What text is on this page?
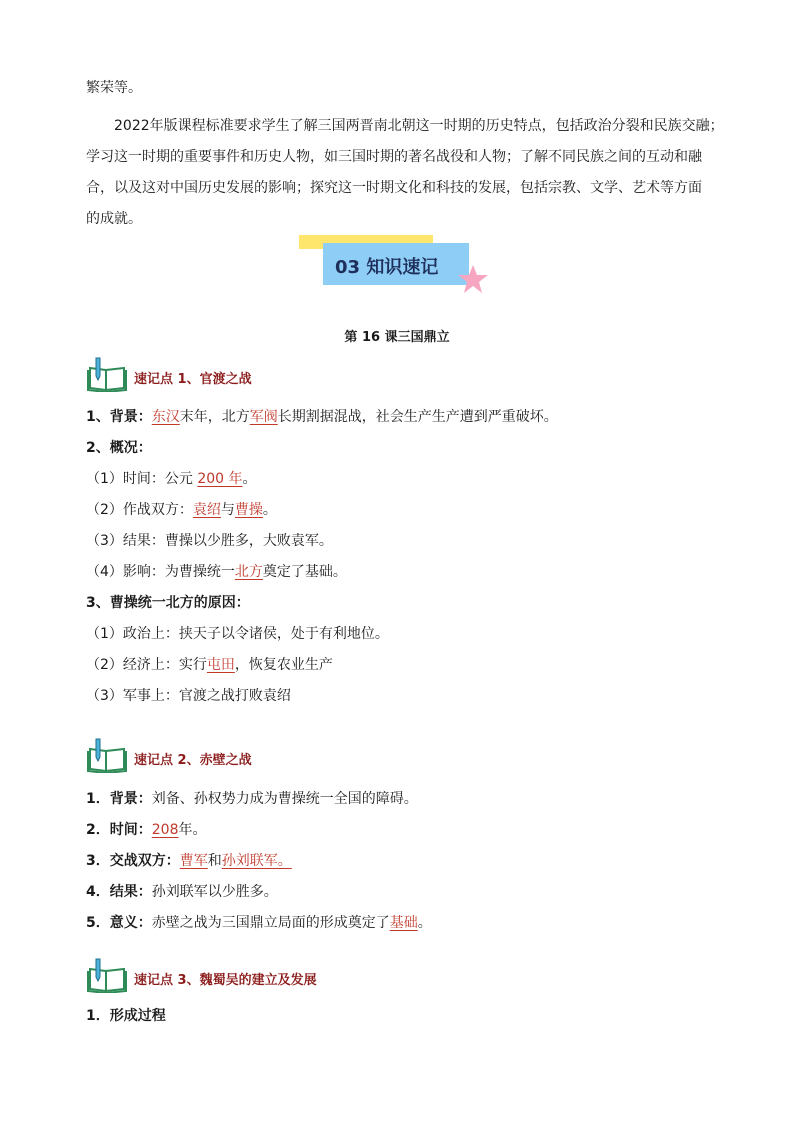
繁荣等。
2022年版课程标准要求学生了解三国两晋南北朝这一时期的历史特点，包括政治分裂和民族交融；
学习这一时期的重要事件和历史人物，如三国时期的著名战役和人物；了解不同民族之间的互动和融
合，以及这对中国历史发展的影响；探究这一时期文化和科技的发展，包括宗教、文学、艺术等方面
的成就。
03 知识速记
第 16 课三国鼎立
速记点 1、官渡之战
1、背景：东汉末年，北方军阀长期割据混战，社会生产生产遭到严重破坏。
2、概况：
（1）时间：公元 200 年。
（2）作战双方：袁绍与曹操。
（3）结果：曹操以少胜多，大败袁军。
（4）影响：为曹操统一北方奠定了基础。
3、曹操统一北方的原因：
（1）政治上：挟天子以令诸侯，处于有利地位。
（2）经济上：实行屯田，恢复农业生产
（3）军事上：官渡之战打败袁绍
速记点 2、赤壁之战
1．背景：刘备、孙权势力成为曹操统一全国的障碍。
2．时间：208年。
3．交战双方：曹军和孙刘联军。
4．结果：孙刘联军以少胜多。
5．意义：赤壁之战为三国鼎立局面的形成奠定了基础。
速记点 3、魏蜀吴的建立及发展
1．形成过程
